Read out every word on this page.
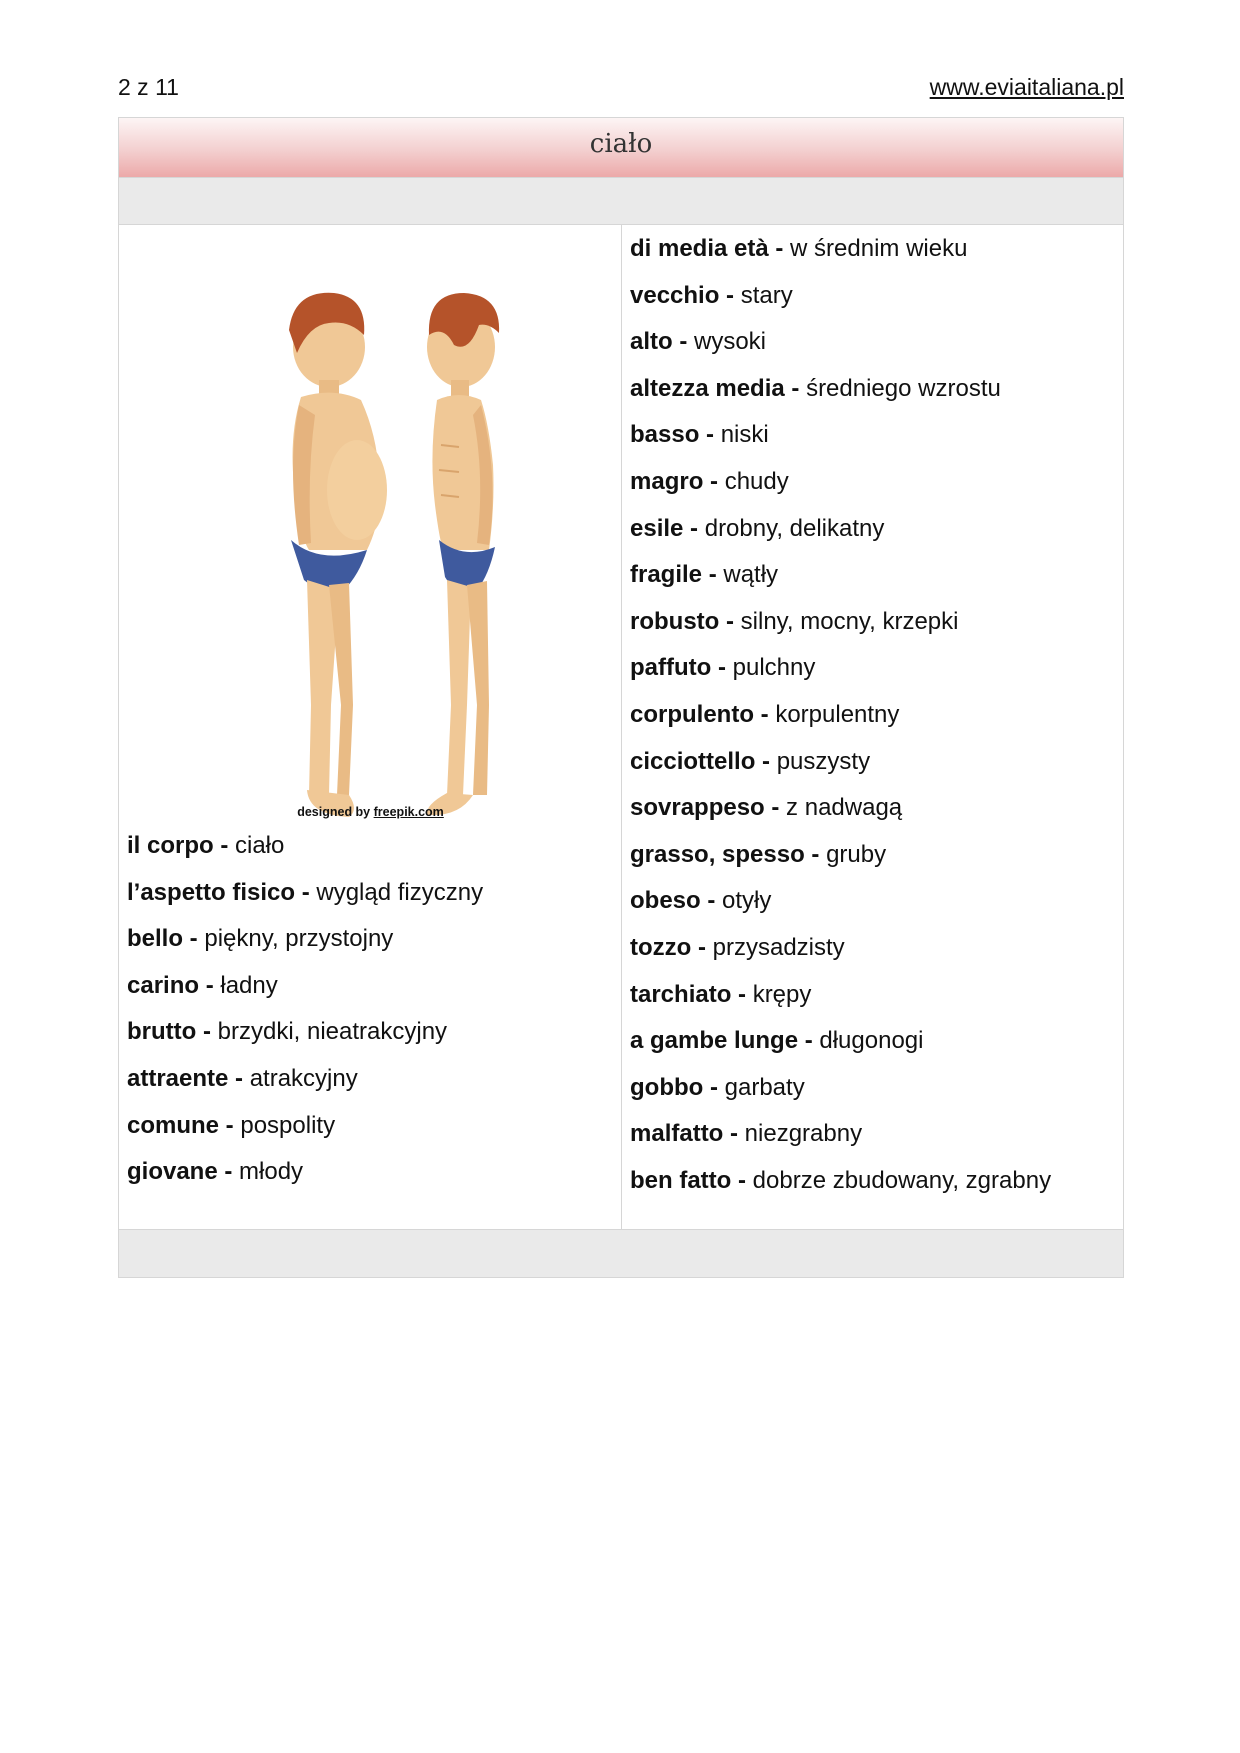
2 z 11	www.eviaitaliana.pl
ciało
designed by freepik.com
il corpo - ciało
l’aspetto fisico - wygląd fizyczny
bello - piękny, przystojny
carino - ładny
brutto - brzydki, nieatrakcyjny
attraente - atrakcyjny
comune - pospolity
giovane - młody
di media età - w średnim wieku
vecchio - stary
alto - wysoki
altezza media - średniego wzrostu
basso - niski
magro - chudy
esile - drobny, delikatny
fragile - wątły
robusto - silny, mocny, krzepki
paffuto - pulchny
corpulento - korpulentny
cicciottello - puszysty
sovrappeso - z nadwagą
grasso, spesso - gruby
obeso - otyły
tozzo - przysadzisty
tarchiato - krępy
a gambe lunge - długonogi
gobbo - garbaty
malfatto - niezgrabny
ben fatto - dobrze zbudowany, zgrabny
